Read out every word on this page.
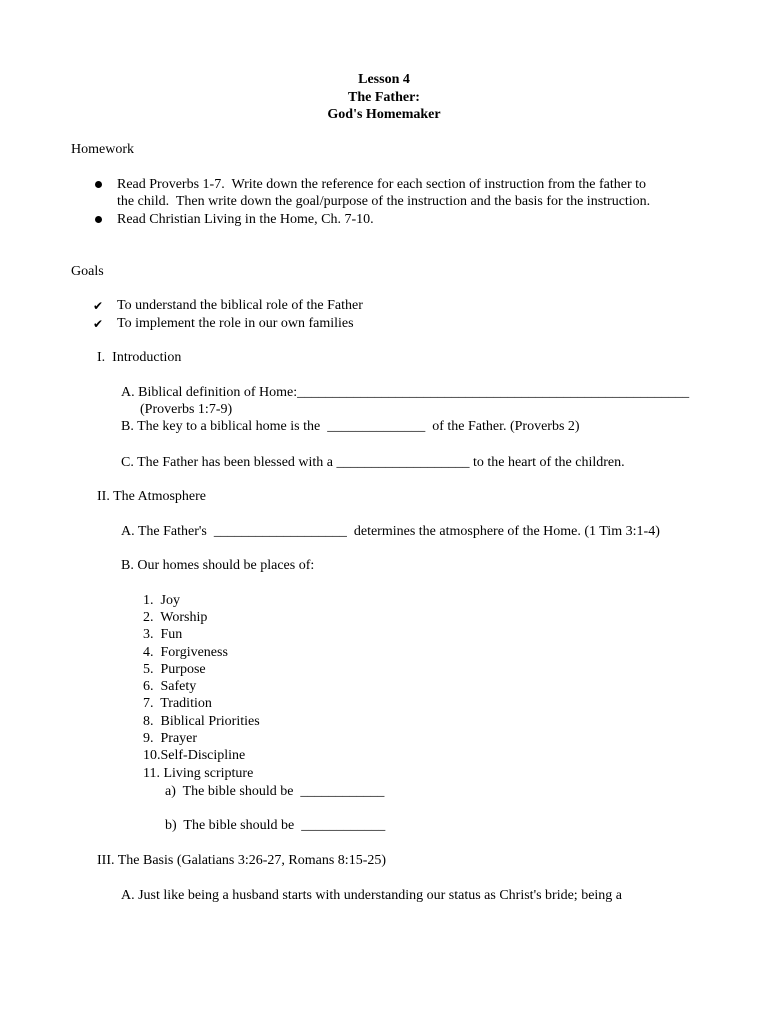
Lesson 4
The Father:
God's Homemaker
Homework
Read Proverbs 1-7.  Write down the reference for each section of instruction from the father to
the child.  Then write down the goal/purpose of the instruction and the basis for the instruction.
Read Christian Living in the Home, Ch. 7-10.
Goals
✔ To understand the biblical role of the Father
✔ To implement the role in our own families
I.  Introduction
A. Biblical definition of Home:________________________________________________________
(Proverbs 1:7-9)
B. The key to a biblical home is the  ______________  of the Father. (Proverbs 2)
C. The Father has been blessed with a ___________________ to the heart of the children.
II. The Atmosphere
A. The Father's  ___________________  determines the atmosphere of the Home. (1 Tim 3:1-4)
B. Our homes should be places of:
1.  Joy
2.  Worship
3.  Fun
4.  Forgiveness
5.  Purpose
6.  Safety
7.  Tradition
8.  Biblical Priorities
9.  Prayer
10.Self-Discipline
11. Living scripture
a)  The bible should be  ____________
b)  The bible should be  ____________
III. The Basis (Galatians 3:26-27, Romans 8:15-25)
A. Just like being a husband starts with understanding our status as Christ's bride; being a
